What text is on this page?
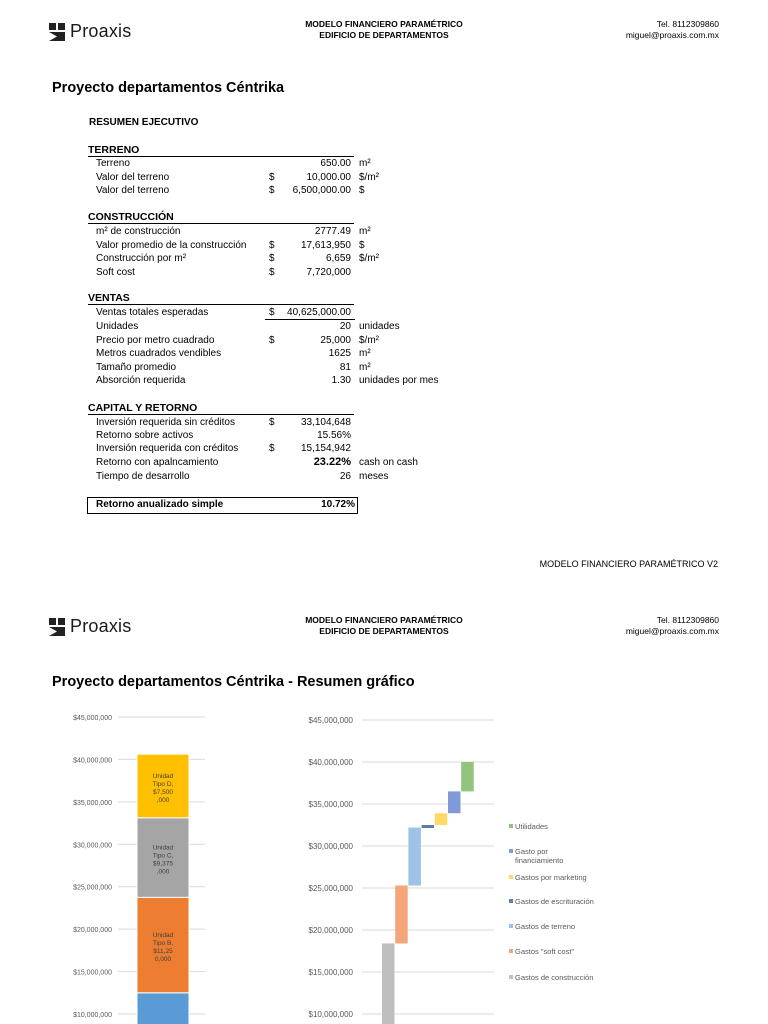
Proaxis	MODELO FINANCIERO PARAMÉTRICO
EDIFICIO DE DEPARTAMENTOS
Tel. 8112309860
miguel@proaxis.com.mx
Proyecto departamentos Céntrika
RESUMEN EJECUTIVO
TERRENO
Terreno	650.00 m²
Valor del terreno	$	10,000.00 $/m²
Valor del terreno	$	6,500,000.00 $
CONSTRUCCIÓN
m² de construcción	2777.49 m²
Valor promedio de la construcción $	17,613,950 $
Construcción por m²	$	6,659 $/m²
Soft cost	$	7,720,000
VENTAS
Ventas totales esperadas	$	40,625,000.00
Unidades	20 unidades
Precio por metro cuadrado	$	25,000 $/m²
Metros cuadrados vendibles	1625 m²
Tamaño promedio	81 m²
Absorción requerida	1.30 unidades por mes
CAPITAL Y RETORNO
Inversión requerida sin créditos	$	33,104,648
Retorno sobre activos	15.56%
Inversión requerida con créditos	$	15,154,942
Retorno con apalncamiento	23.22% cash on cash
Tiempo de desarrollo	26 meses
Retorno anualizado simple	10.72%
MODELO FINANCIERO PARAMÉTRICO V2
Proaxis	MODELO FINANCIERO PARAMÉTRICO
EDIFICIO DE DEPARTAMENTOS
Tel. 8112309860
miguel@proaxis.com.mx
Proyecto departamentos Céntrika - Resumen gráfico
$10,000,000
$15,000,000
$20,000,000
$25,000,000
$30,000,000
$35,000,000
$40,000,000
$45,000,000
Unidad
Tipo B,
$11,25
0,000
Unidad
Tipo C,
$9,375
,000
Unidad
Tipo D,
$7,500
,000
$10,000,000
$15,000,000
$20,000,000
$25,000,000
$30,000,000
$35,000,000
$40,000,000
$45,000,000
Utilidades
Gasto por
financiamiento
Gastos por marketing
Gastos de escrituración
Gastos de terreno
Gastos "soft cost"
Gastos de construcción
